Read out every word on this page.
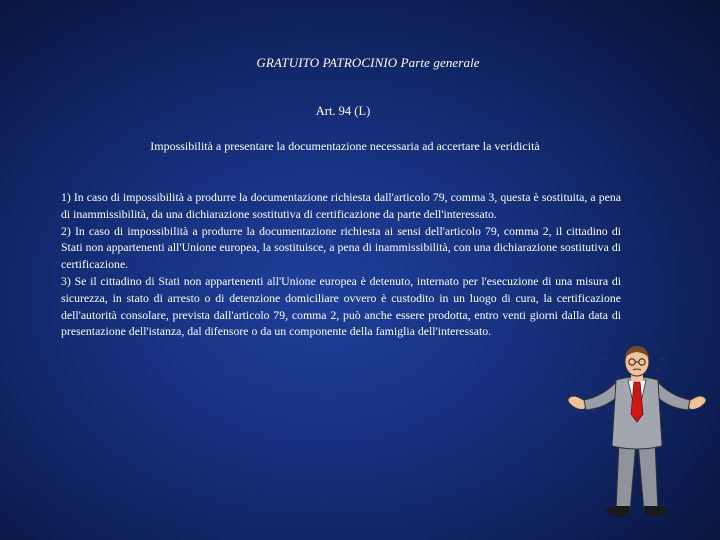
GRATUITO PATROCINIO Parte generale
Art. 94 (L)
Impossibilità a presentare la documentazione necessaria ad accertare la veridicità

1) In caso di impossibilità a produrre la documentazione richiesta dall'articolo 79, comma 3, questa è sostituita, a pena di inammissibilità, da una dichiarazione sostitutiva di certificazione da parte dell'interessato.

2) In caso di impossibilità a produrre la documentazione richiesta ai sensi dell'articolo 79, comma 2, il cittadino di Stati non appartenenti all'Unione europea, la sostituisce, a pena di inammissibilità, con una dichiarazione sostitutiva di certificazione.

3) Se il cittadino di Stati non appartenenti all'Unione europea è detenuto, internato per l'esecuzione di una misura di sicurezza, in stato di arresto o di detenzione domiciliare ovvero è custodito in un luogo di cura, la certificazione dell'autorità consolare, prevista dall'articolo 79, comma 2, può anche essere prodotta, entro venti giorni dalla data di presentazione dell'istanza, dal difensore o da un componente della famiglia dell'interessato.
